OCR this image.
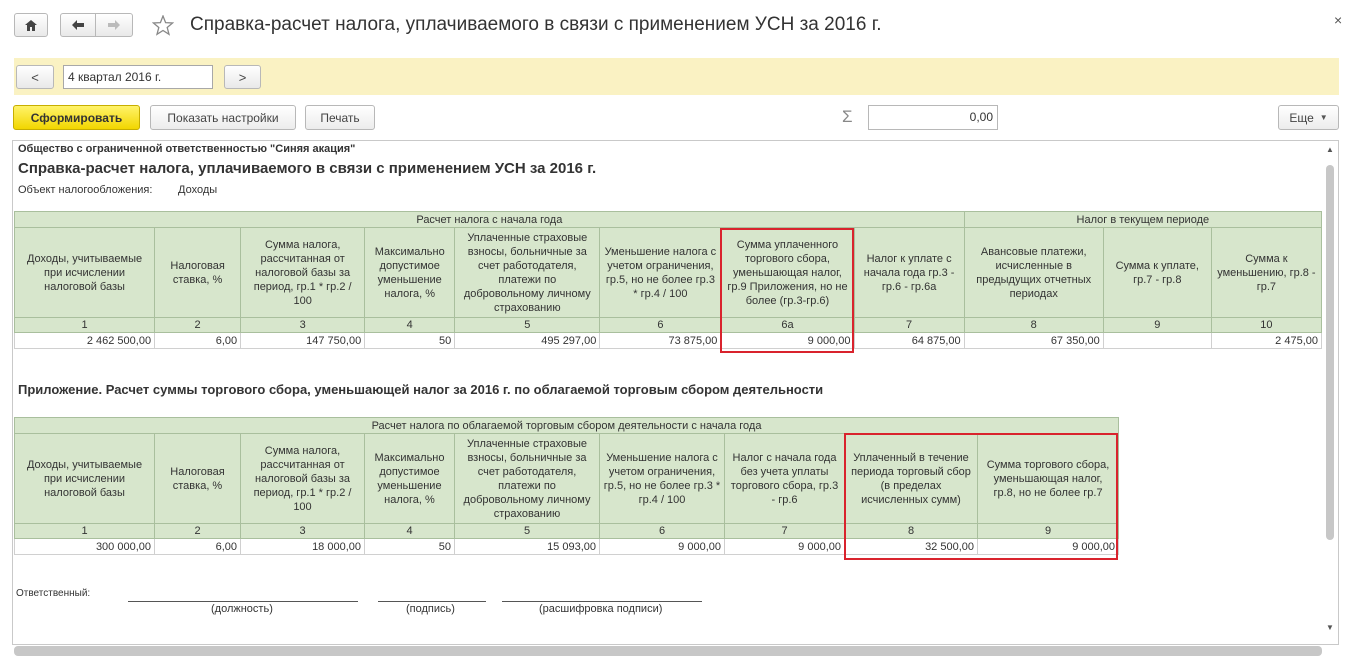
Справка-расчет налога, уплачиваемого в связи с применением УСН за 2016 г.	×
<	4 квартал 2016 г.	>
Сформировать	Показать настройки	Печать	Σ	0,00	Еще ▼
Общество с ограниченной ответственностью "Синяя акация"
Справка-расчет налога, уплачиваемого в связи с применением УСН за 2016 г.
Объект налогообложения: Доходы
Расчет налога с начала года								Налог в текущем периоде		
Доходы, учитываемые при исчислении налоговой базы	Налоговая ставка, %	Сумма налога, рассчитанная от налоговой базы за период, гр.1 * гр.2 / 100	Максимально допустимое уменьшение налога, %	Уплаченные страховые взносы, больничные за счет работодателя, платежи по добровольному личному страхованию	Уменьшение налога с учетом ограничения, гр.5, но не более гр.3 * гр.4 / 100	Сумма уплаченного торгового сбора, уменьшающая налог, гр.9 Приложения, но не более (гр.3-гр.6)	Налог к уплате с начала года гр.3 - гр.6 - гр.6а	Авансовые платежи, исчисленные в предыдущих отчетных периодах	Сумма к уплате, гр.7 - гр.8	Сумма к уменьшению, гр.8 - гр.7
1	2	3	4	5	6	6а	7	8	9	10
2 462 500,00	6,00	147 750,00	50	495 297,00	73 875,00	9 000,00	64 875,00	67 350,00		2 475,00
Приложение. Расчет суммы торгового сбора, уменьшающей налог за 2016 г. по облагаемой торговым сбором деятельности
Расчет налога по облагаемой торговым сбором деятельности с начала года								
Доходы, учитываемые при исчислении налоговой базы	Налоговая ставка, %	Сумма налога, рассчитанная от налоговой базы за период, гр.1 * гр.2 / 100	Максимально допустимое уменьшение налога, %	Уплаченные страховые взносы, больничные за счет работодателя, платежи по добровольному личному страхованию	Уменьшение налога с учетом ограничения, гр.5, но не более гр.3 * гр.4 / 100	Налог с начала года без учета уплаты торгового сбора, гр.3 - гр.6	Уплаченный в течение периода торговый сбор (в пределах исчисленных сумм)	Сумма торгового сбора, уменьшающая налог, гр.8, но не более гр.7
1	2	3	4	5	6	7	8	9
300 000,00	6,00	18 000,00	50	15 093,00	9 000,00	9 000,00	32 500,00	9 000,00
Ответственный:
(должность)	(подпись)	(расшифровка подписи)
▲
▼
